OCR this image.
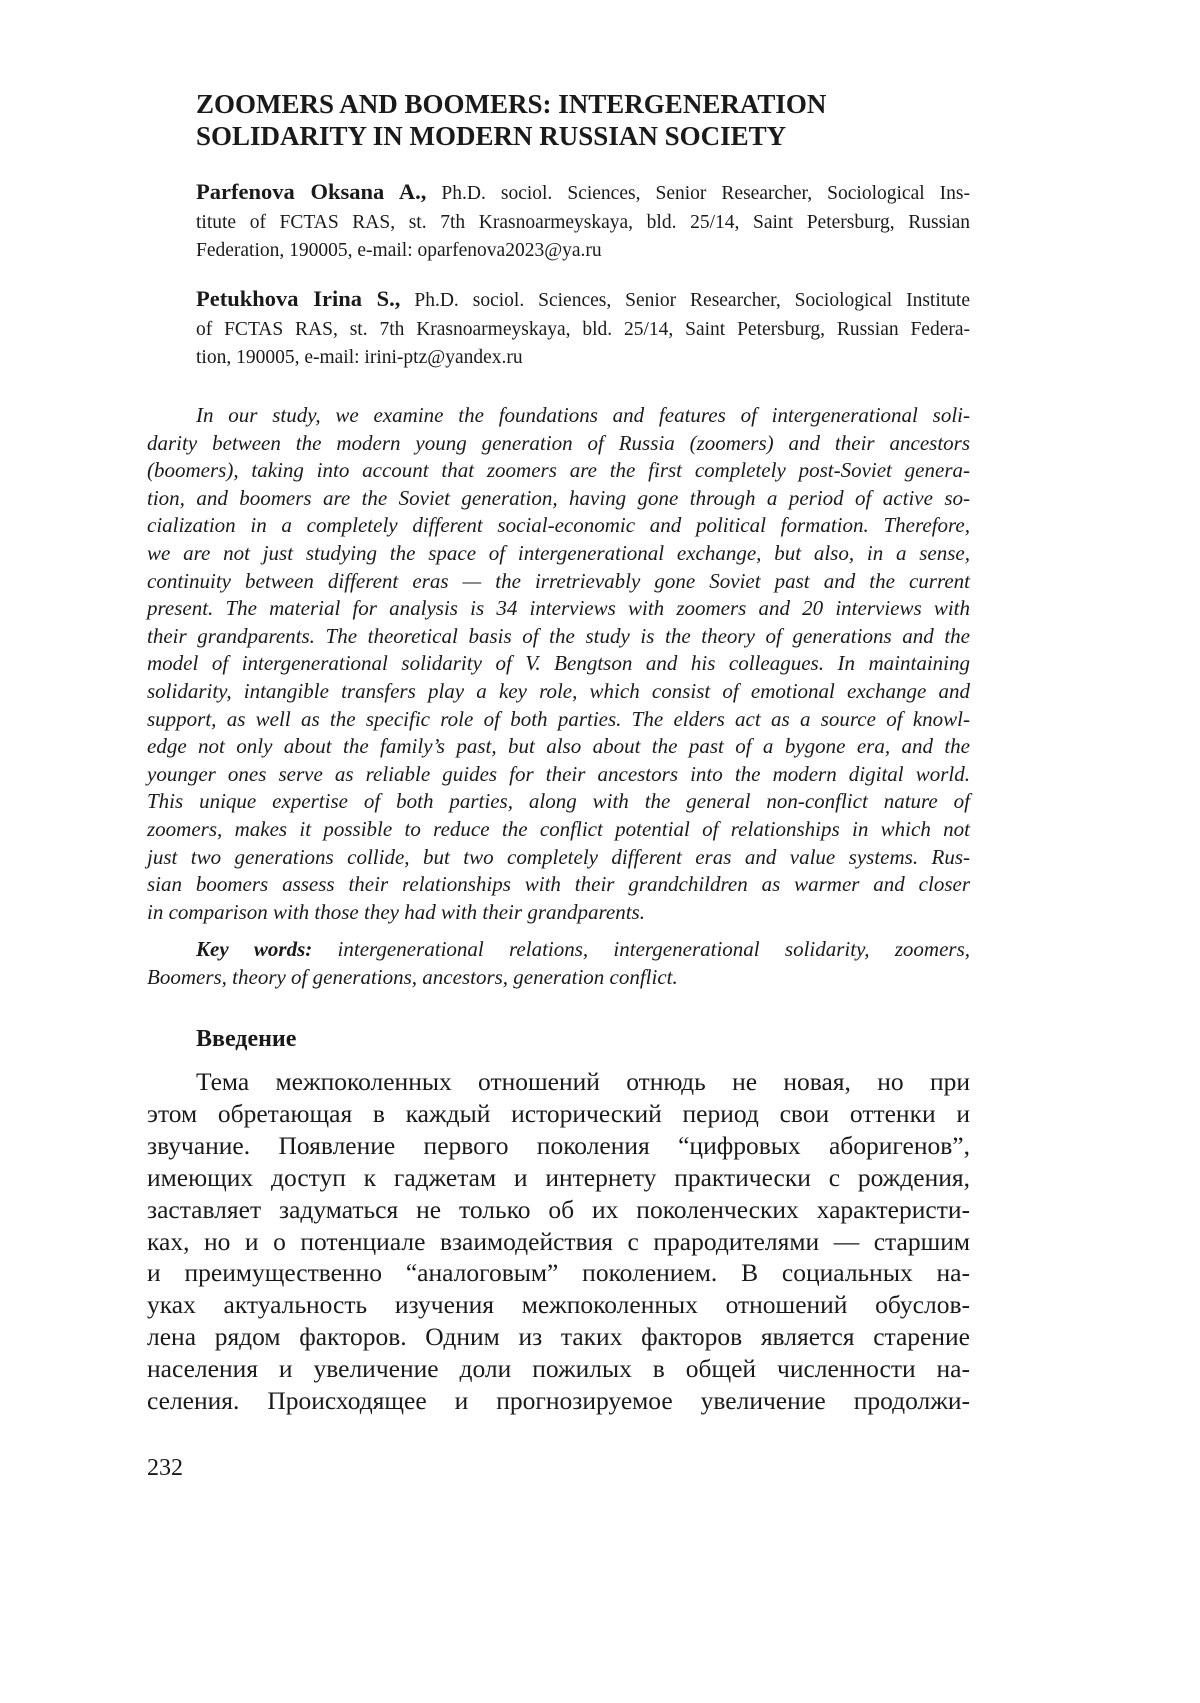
ZOOMERS AND BOOMERS: INTERGENERATION
SOLIDARITY IN MODERN RUSSIAN SOCIETY
Parfenova Oksana A., Ph.D. sociol. Sciences, Senior Researcher, Sociological Ins-
titute of FCTAS RAS, st. 7th Krasnoarmeyskaya, bld. 25/14, Saint Petersburg, Russian
Federation, 190005, e-mail: oparfenova2023@ya.ru
Petukhova Irina S., Ph.D. sociol. Sciences, Senior Researcher, Sociological Institute
of FCTAS RAS, st. 7th Krasnoarmeyskaya, bld. 25/14, Saint Petersburg, Russian Federa-
tion, 190005, e-mail: irini-ptz@yandex.ru
In our study, we examine the foundations and features of intergenerational soli-
darity between the modern young generation of Russia (zoomers) and their ancestors
(boomers), taking into account that zoomers are the first completely post-Soviet genera-
tion, and boomers are the Soviet generation, having gone through a period of active so-
cialization in a completely different social-economic and political formation. Therefore,
we are not just studying the space of intergenerational exchange, but also, in a sense,
continuity between different eras — the irretrievably gone Soviet past and the current
present. The material for analysis is 34 interviews with zoomers and 20 interviews with
their grandparents. The theoretical basis of the study is the theory of generations and the
model of intergenerational solidarity of V. Bengtson and his colleagues. In maintaining
solidarity, intangible transfers play a key role, which consist of emotional exchange and
support, as well as the specific role of both parties. The elders act as a source of knowl-
edge not only about the family’s past, but also about the past of a bygone era, and the
younger ones serve as reliable guides for their ancestors into the modern digital world.
This unique expertise of both parties, along with the general non-conflict nature of
zoomers, makes it possible to reduce the conflict potential of relationships in which not
just two generations collide, but two completely different eras and value systems. Rus-
sian boomers assess their relationships with their grandchildren as warmer and closer
in comparison with those they had with their grandparents.
Key words: intergenerational relations, intergenerational solidarity, zoomers,
Boomers, theory of generations, ancestors, generation conflict.
Введение
Тема межпоколенных отношений отнюдь не новая, но при
этом обретающая в каждый исторический период свои оттенки и
звучание. Появление первого поколения “цифровых аборигенов”,
имеющих доступ к гаджетам и интернету практически с рождения,
заставляет задуматься не только об их поколенческих характеристи-
ках, но и о потенциале взаимодействия с прародителями — старшим
и преимущественно “аналоговым” поколением. В социальных на-
уках актуальность изучения межпоколенных отношений обуслов-
лена рядом факторов. Одним из таких факторов является старение
населения и увеличение доли пожилых в общей численности на-
селения. Происходящее и прогнозируемое увеличение продолжи-
232
